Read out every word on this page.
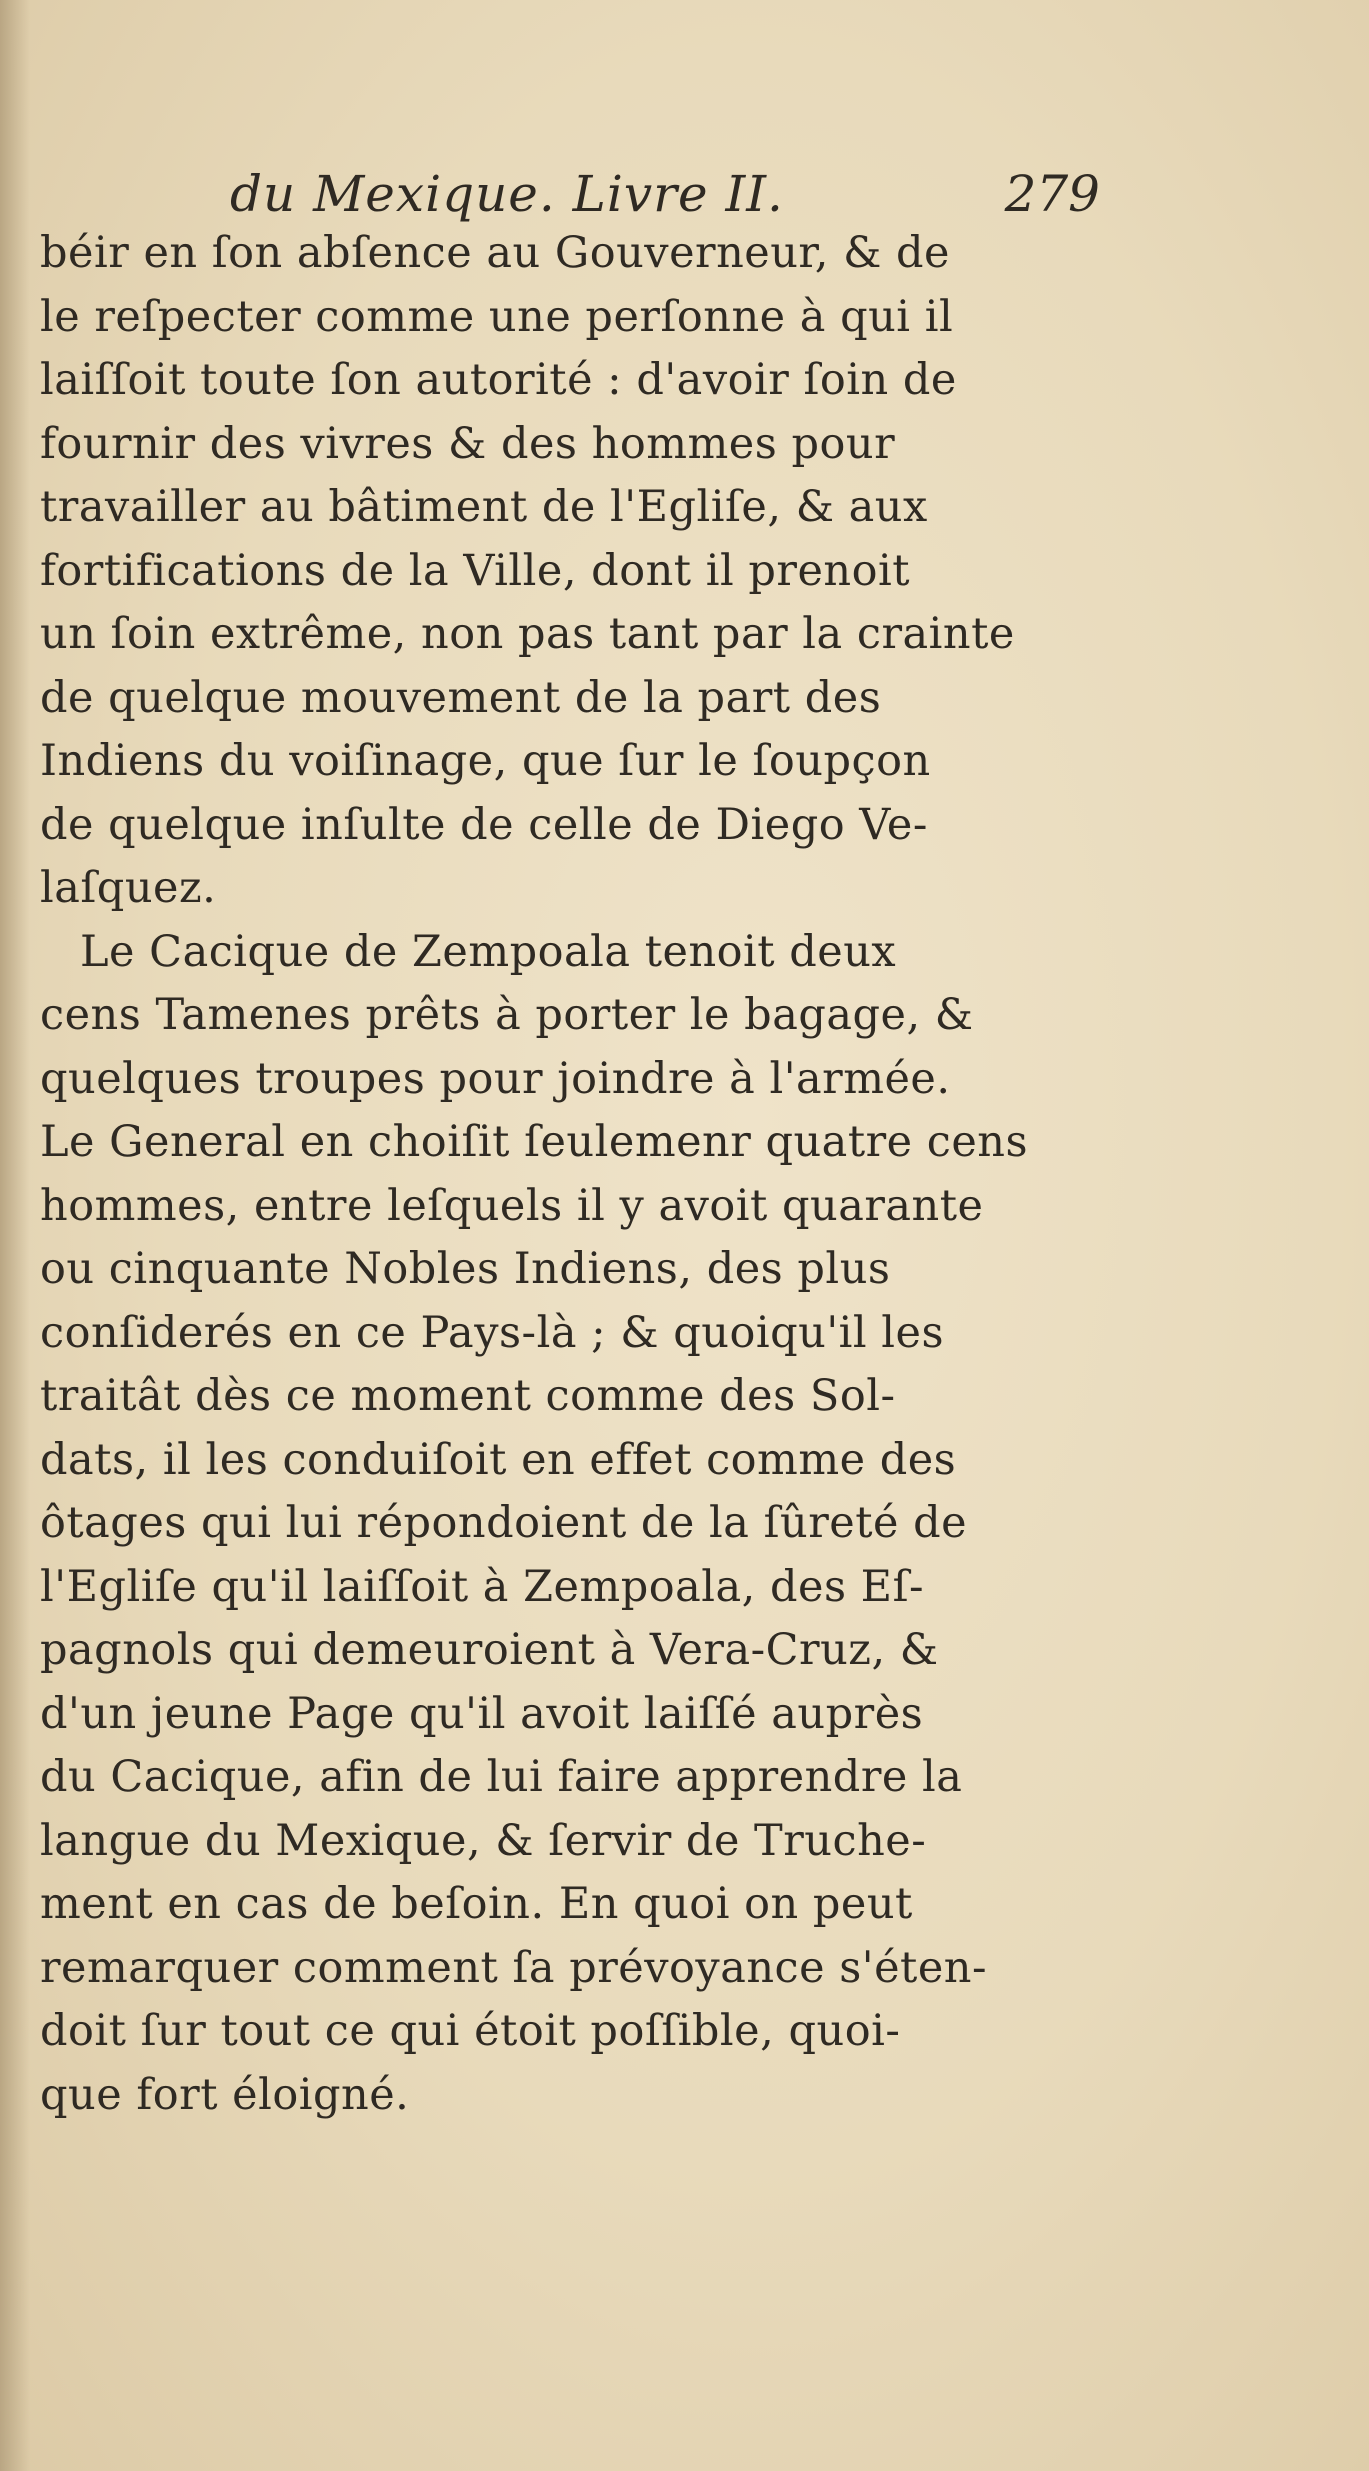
du Mexique. Livre II.	279
béir en ſon abſence au Gouverneur, & de
le reſpecter comme une perſonne à qui il
laiſſoit toute ſon autorité : d'avoir ſoin de
fournir des vivres & des hommes pour
travailler au bâtiment de l'Egliſe, & aux
fortifications de la Ville, dont il prenoit
un ſoin extrême, non pas tant par la crainte
de quelque mouvement de la part des
Indiens du voiſinage, que ſur le ſoupçon
de quelque inſulte de celle de Diego Ve-
laſquez.
Le Cacique de Zempoala tenoit deux
cens Tamenes prêts à porter le bagage, &
quelques troupes pour joindre à l'armée.
Le General en choiſit ſeulemenr quatre cens
hommes, entre leſquels il y avoit quarante
ou cinquante Nobles Indiens, des plus
conſiderés en ce Pays-là ; & quoiqu'il les
traitât dès ce moment comme des Sol-
dats, il les conduiſoit en effet comme des
ôtages qui lui répondoient de la ſûreté de
l'Egliſe qu'il laiſſoit à Zempoala, des Eſ-
pagnols qui demeuroient à Vera-Cruz, &
d'un jeune Page qu'il avoit laiſſé auprès
du Cacique, afin de lui faire apprendre la
langue du Mexique, & ſervir de Truche-
ment en cas de beſoin. En quoi on peut
remarquer comment ſa prévoyance s'éten-
doit ſur tout ce qui étoit poſſible, quoi-
que fort éloigné.
